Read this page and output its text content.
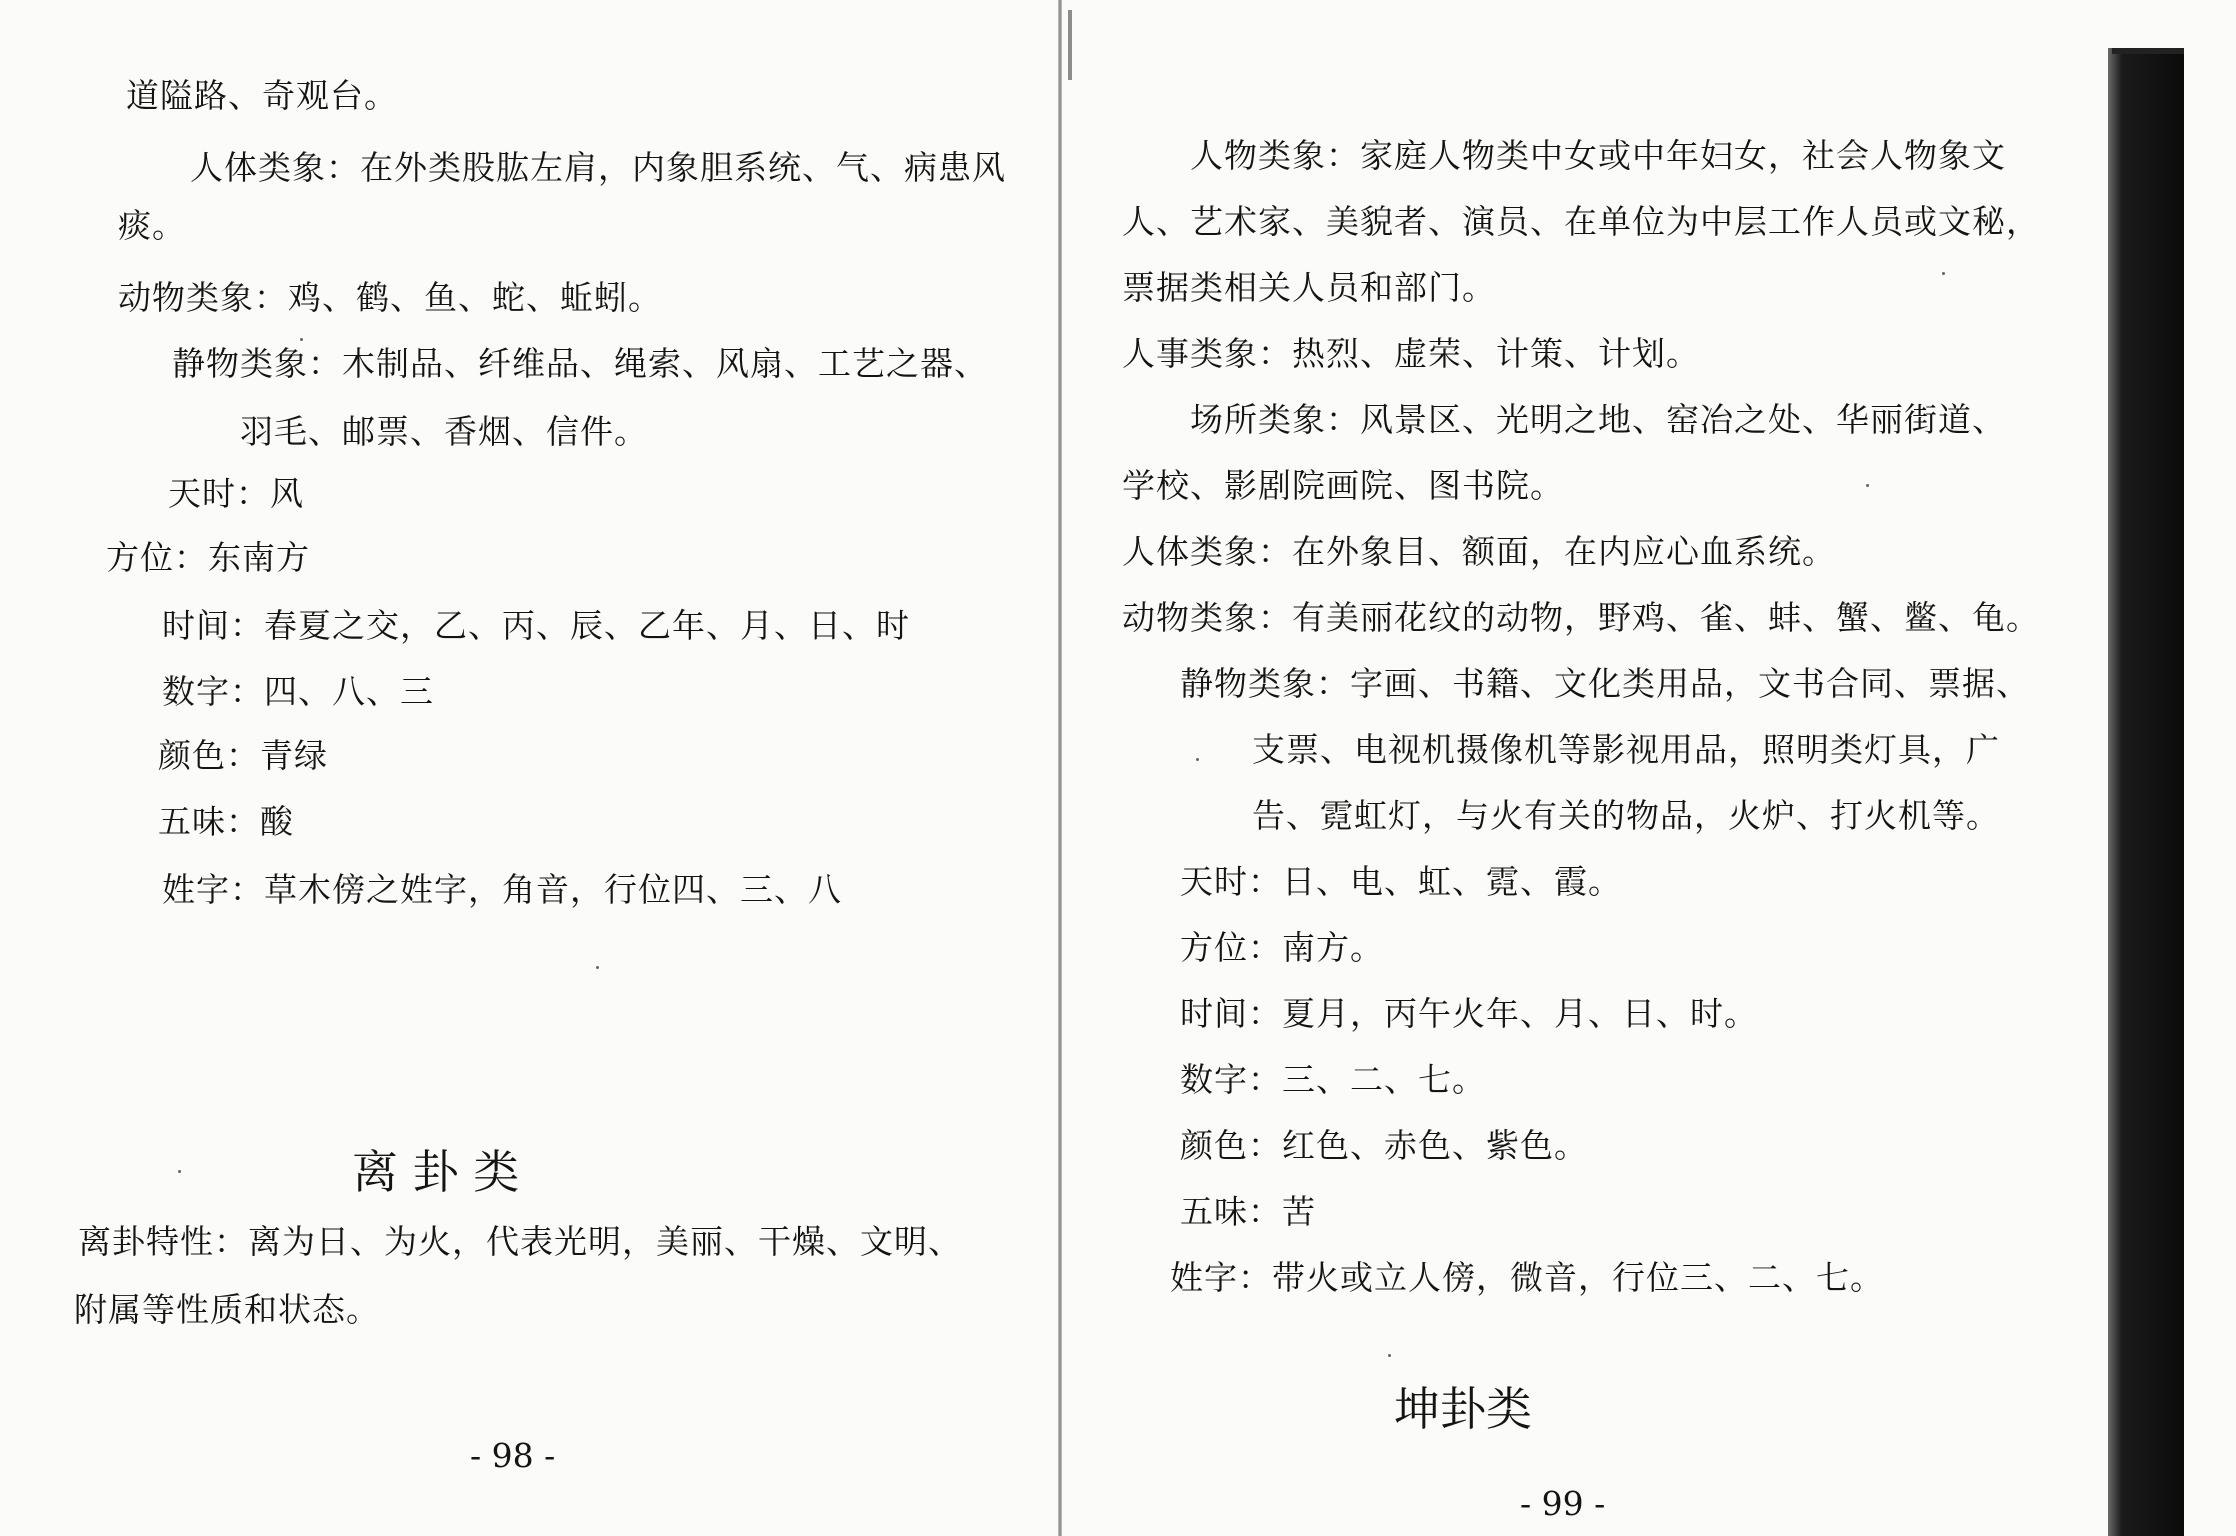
道隘路、奇观台。
人体类象：在外类股肱左肩，内象胆系统、气、病患风
痰。
动物类象：鸡、鹤、鱼、蛇、蚯蚓。
静物类象：木制品、纤维品、绳索、风扇、工艺之器、
羽毛、邮票、香烟、信件。
天时：风
方位：东南方
时间：春夏之交，乙、丙、辰、乙年、月、日、时
数字：四、八、三
颜色：青绿
五味：酸
姓字：草木傍之姓字，角音，行位四、三、八
离 卦 类
离卦特性：离为日、为火，代表光明，美丽、干燥、文明、
附属等性质和状态。
- 98 -
人物类象：家庭人物类中女或中年妇女，社会人物象文
人、艺术家、美貌者、演员、在单位为中层工作人员或文秘，
票据类相关人员和部门。
人事类象：热烈、虚荣、计策、计划。
场所类象：风景区、光明之地、窑冶之处、华丽街道、
学校、影剧院画院、图书院。
人体类象：在外象目、额面，在内应心血系统。
动物类象：有美丽花纹的动物，野鸡、雀、蚌、蟹、鳖、龟。
静物类象：字画、书籍、文化类用品，文书合同、票据、
支票、电视机摄像机等影视用品，照明类灯具，广
告、霓虹灯，与火有关的物品，火炉、打火机等。
天时：日、电、虹、霓、霞。
方位：南方。
时间：夏月，丙午火年、月、日、时。
数字：三、二、七。
颜色：红色、赤色、紫色。
五味：苦
姓字：带火或立人傍，微音，行位三、二、七。
坤卦类
- 99 -
